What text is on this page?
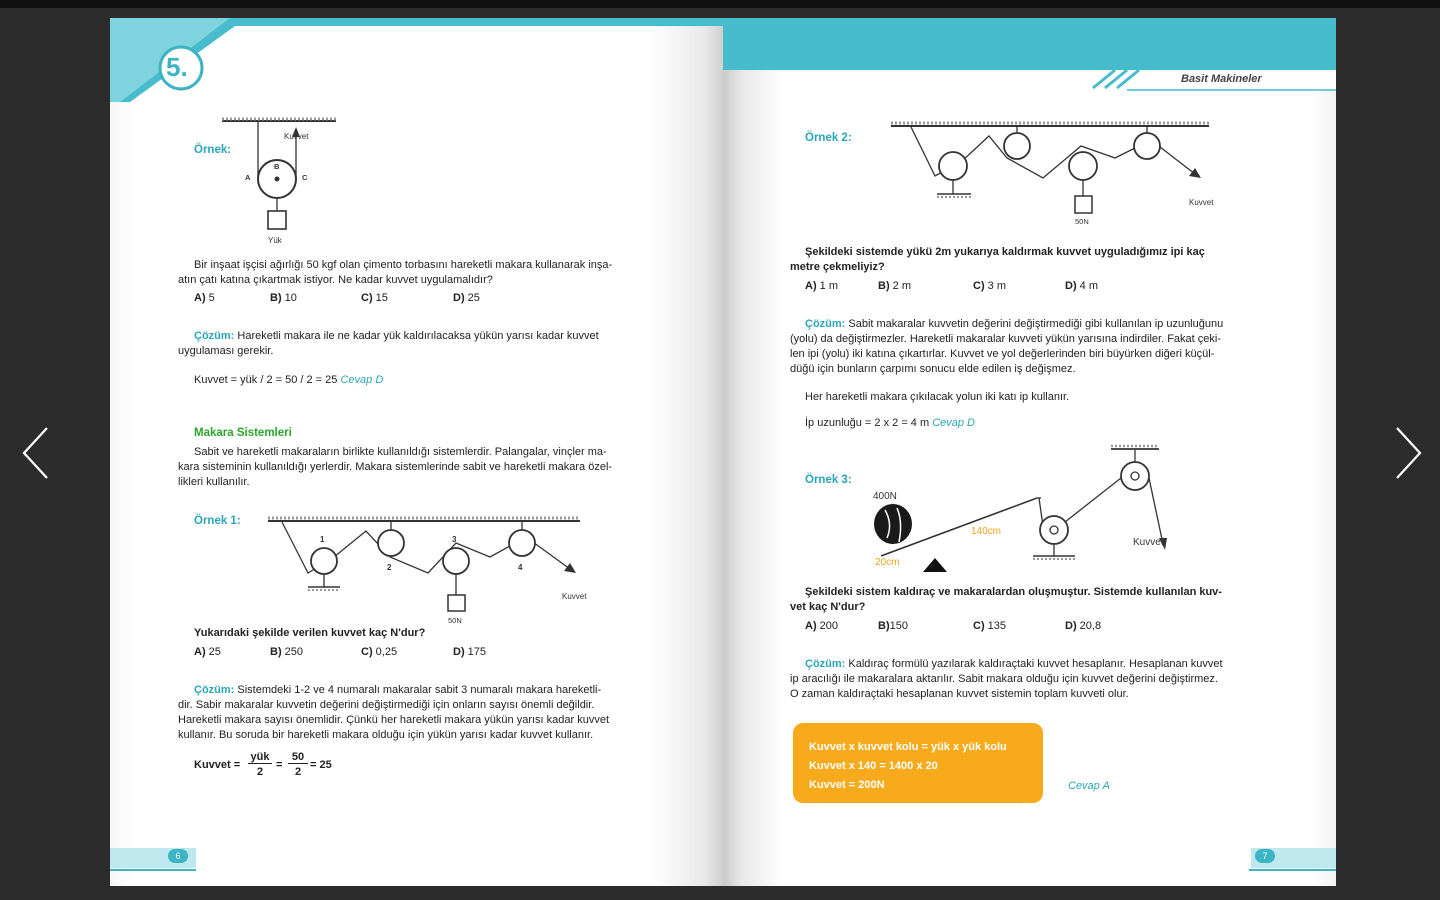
5. ÜNİTE
Örnek:
Kuvvet
A
B
C
Yük
Bir inşaat işçisi ağırlığı 50 kgf olan çimento torbasını hareketli makara kullanarak inşa-
atın çatı katına çıkartmak istiyor. Ne kadar kuvvet uygulamalıdır?
A) 5	B) 10	C) 15	D) 25
Çözüm: Hareketli makara ile ne kadar yük kaldırılacaksa yükün yarısı kadar kuvvet
uygulaması gerekir.
Kuvvet = yük / 2 = 50 / 2 = 25 Cevap D
Makara Sistemleri
Sabit ve hareketli makaraların birlikte kullanıldığı sistemlerdir. Palangalar, vinçler ma-
kara sisteminin kullanıldığı yerlerdir. Makara sistemlerinde sabit ve hareketli makara özel-
likleri kullanılır.
Örnek 1:
1
2
3
4
Kuvvet
50N
Yukarıdaki şekilde verilen kuvvet kaç N'dur?
A) 25	B) 250	C) 0,25	D) 175
Çözüm: Sistemdeki 1-2 ve 4 numaralı makaralar sabit 3 numaralı makara hareketli-
dir. Sabir makaralar kuvvetin değerini değiştirmediği için onların sayısı önemli değildir.
Hareketli makara sayısı önemlidir. Çünkü her hareketli makara yükün yarısı kadar kuvvet
kullanır. Bu soruda bir hareketli makara olduğu için yükün yarısı kadar kuvvet kullanır.
Kuvvet =
yük
2
=
50
2
= 25
6
Basit Makineler
Örnek 2:
Kuvvet
50N
Şekildeki sistemde yükü 2m yukarıya kaldırmak kuvvet uyguladığımız ipi kaç
metre çekmeliyiz?
A) 1 m	B) 2 m	C) 3 m	D) 4 m
Çözüm: Sabit makaralar kuvvetin değerini değiştirmediği gibi kullanılan ip uzunluğunu
(yolu) da değiştirmezler. Hareketli makaralar kuvveti yükün yarısına indirdiler. Fakat çeki-
len ipi (yolu) iki katına çıkartırlar. Kuvvet ve yol değerlerinden biri büyürken diğeri küçül-
düğü için bunların çarpımı sonucu elde edilen iş değişmez.
Her hareketli makara çıkılacak yolun iki katı ip kullanır.
İp uzunluğu = 2 x 2 = 4 m Cevap D
Örnek 3:
400N
140cm
20cm
Kuvvet
Şekildeki sistem kaldıraç ve makaralardan oluşmuştur. Sistemde kullanılan kuv-
vet kaç N'dur?
A) 200	B)150	C) 135	D) 20,8
Çözüm: Kaldıraç formülü yazılarak kaldıraçtaki kuvvet hesaplanır. Hesaplanan kuvvet
ip aracılığı ile makaralara aktarılır. Sabit makara olduğu için kuvvet değerini değiştirmez.
O zaman kaldıraçtaki hesaplanan kuvvet sistemin toplam kuvveti olur.
Kuvvet x kuvvet kolu = yük x yük kolu
Kuvvet x 140 = 1400 x 20
Kuvvet = 200N	Cevap A
7
